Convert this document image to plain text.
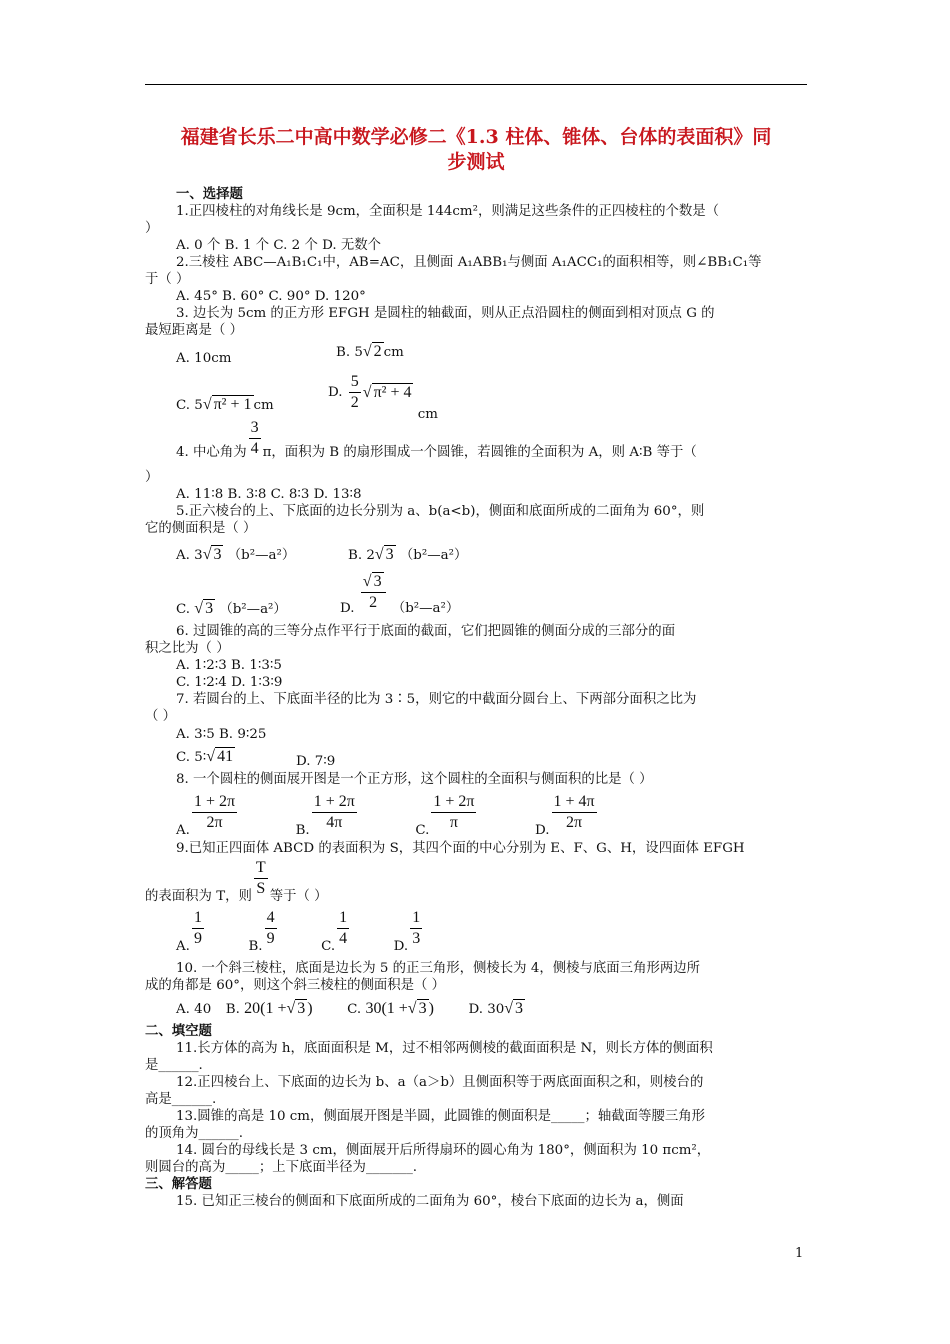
福建省长乐二中高中数学必修二《1.3 柱体、锥体、台体的表面积》同
步测试
一、选择题
1.正四棱柱的对角线长是 9cm，全面积是 144cm²，则满足这些条件的正四棱柱的个数是（
）
A. 0 个 B. 1 个 C. 2 个 D. 无数个
2.三棱柱 ABC—A₁B₁C₁中，AB=AC，且侧面 A₁ABB₁与侧面 A₁ACC₁的面积相等，则∠BB₁C₁等
于（ ）
A. 45° B. 60° C. 90° D. 120°
3. 边长为 5cm 的正方形 EFGH 是圆柱的轴截面，则从正点沿圆柱的侧面到相对顶点 G 的
最短距离是（ ）
A. 10cm	B. 5√ 2 cm
C. 5√ π² + 1 cm
D. $\frac{5}{2}$ √ π² + 4 cm
4. 中心角为 $\frac{3}{4}$ π，面积为 B 的扇形围成一个圆锥，若圆锥的全面积为 A，则 A∶B 等于（
）
A. 11∶8 B. 3∶8 C. 8∶3 D. 13∶8
5.正六棱台的上、下底面的边长分别为 a、b(a<b)，侧面和底面所成的二面角为 60°，则
它的侧面积是（ ）
A. 3√ 3 （b²—a²）	B. 2√ 3 （b²—a²）
C. √ 3 （b²—a²）	D. $\frac{√ 3}{2}$ （b²—a²）
6. 过圆锥的高的三等分点作平行于底面的截面，它们把圆锥的侧面分成的三部分的面
积之比为（ ）
A. 1∶2∶3 B. 1∶3∶5
C. 1∶2∶4 D. 1∶3∶9
7. 若圆台的上、下底面半径的比为 3∶5，则它的中截面分圆台上、下两部分面积之比为
（ ）
A. 3∶5 B. 9∶25
C. 5∶√ 41	D. 7∶9
8. 一个圆柱的侧面展开图是一个正方形，这个圆柱的全面积与侧面积的比是（ ）
A. $\frac{1 + 2\pi}{2\pi}$	B. $\frac{1 + 2\pi}{4\pi}$	C. $\frac{1 + 2\pi}{\pi}$	D. $\frac{1 + 4\pi}{2\pi}$
9.已知正四面体 ABCD 的表面积为 S，其四个面的中心分别为 E、F、G、H，设四面体 EFGH
的表面积为 T，则 $\frac{T}{S}$ 等于（ ）
A. $\frac{1}{9}$	B. $\frac{4}{9}$	C. $\frac{1}{4}$	D. $\frac{1}{3}$
10. 一个斜三棱柱，底面是边长为 5 的正三角形，侧棱长为 4，侧棱与底面三角形两边所
成的角都是 60°，则这个斜三棱柱的侧面积是（ ）
A. 40 B. 20(1 +√ 3 )	C. 30(1 +√ 3 )	D. 30√ 3
二、填空题
11.长方体的高为 h，底面面积是 M，过不相邻两侧棱的截面面积是 N，则长方体的侧面积
是______.
12.正四棱台上、下底面的边长为 b、a（a＞b）且侧面积等于两底面面积之和，则棱台的
高是______.
13.圆锥的高是 10 cm，侧面展开图是半圆，此圆锥的侧面积是_____；轴截面等腰三角形
的顶角为______.
14. 圆台的母线长是 3 cm，侧面展开后所得扇环的圆心角为 180°，侧面积为 10 πcm²，
则圆台的高为_____；上下底面半径为_______.
三、解答题
15. 已知正三棱台的侧面和下底面所成的二面角为 60°，棱台下底面的边长为 a，侧面
1
